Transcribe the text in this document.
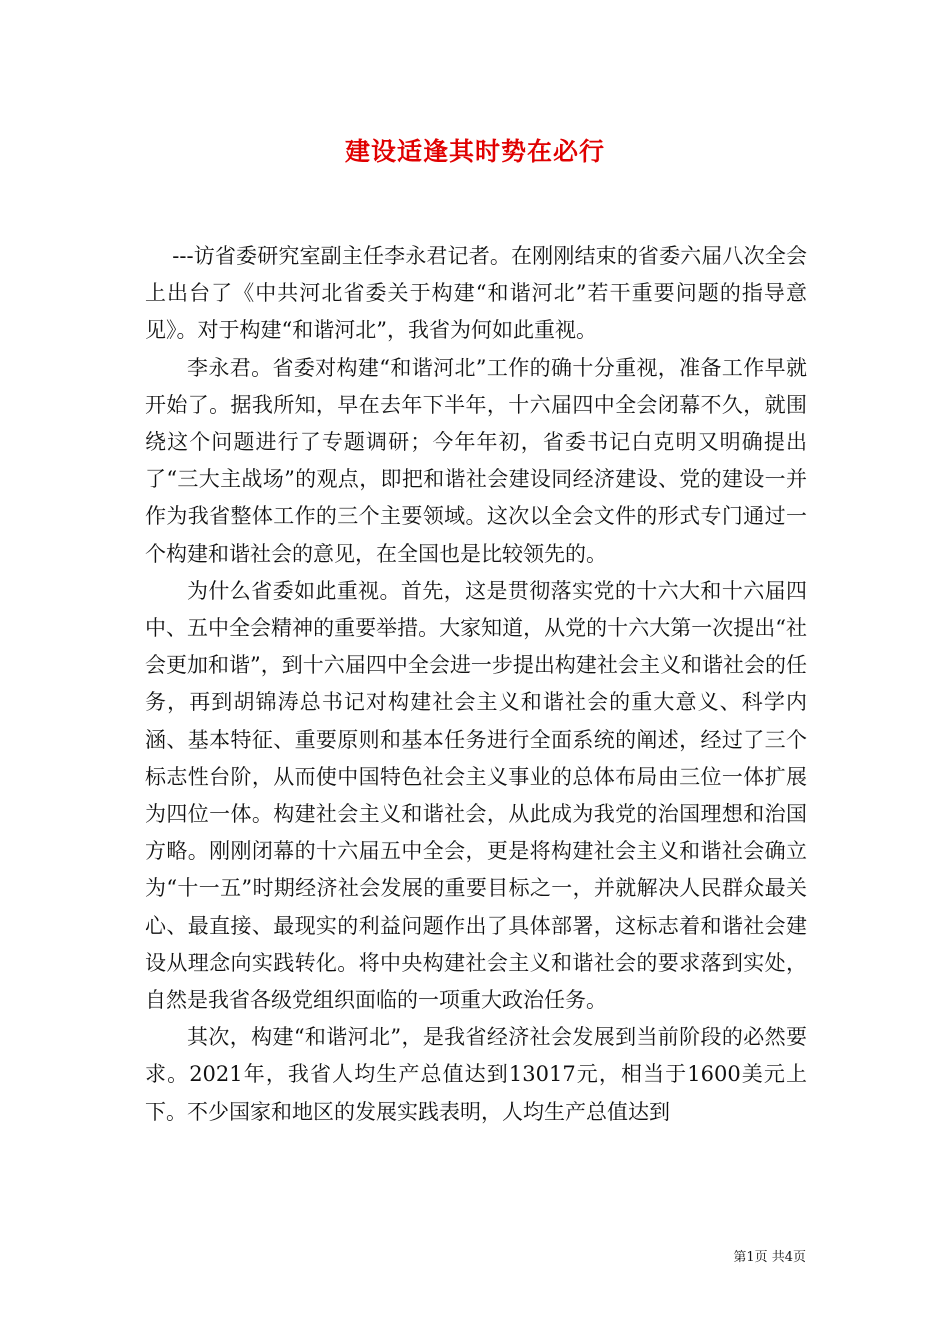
建设适逢其时势在必行

---访省委研究室副主任李永君记者。在刚刚结束的省委六届八次全会上出台了《中共河北省委关于构建“和谐河北”若干重要问题的指导意见》。对于构建“和谐河北”，我省为何如此重视。

李永君。省委对构建“和谐河北”工作的确十分重视，准备工作早就开始了。据我所知，早在去年下半年，十六届四中全会闭幕不久，就围绕这个问题进行了专题调研；今年年初，省委书记白克明又明确提出了“三大主战场”的观点，即把和谐社会建设同经济建设、党的建设一并作为我省整体工作的三个主要领域。这次以全会文件的形式专门通过一个构建和谐社会的意见，在全国也是比较领先的。

为什么省委如此重视。首先，这是贯彻落实党的十六大和十六届四中、五中全会精神的重要举措。大家知道，从党的十六大第一次提出“社会更加和谐”，到十六届四中全会进一步提出构建社会主义和谐社会的任务，再到胡锦涛总书记对构建社会主义和谐社会的重大意义、科学内涵、基本特征、重要原则和基本任务进行全面系统的阐述，经过了三个标志性台阶，从而使中国特色社会主义事业的总体布局由三位一体扩展为四位一体。构建社会主义和谐社会，从此成为我党的治国理想和治国方略。刚刚闭幕的十六届五中全会，更是将构建社会主义和谐社会确立为“十一五”时期经济社会发展的重要目标之一，并就解决人民群众最关心、最直接、最现实的利益问题作出了具体部署，这标志着和谐社会建设从理念向实践转化。将中央构建社会主义和谐社会的要求落到实处，自然是我省各级党组织面临的一项重大政治任务。

其次，构建“和谐河北”，是我省经济社会发展到当前阶段的必然要求。2021年，我省人均生产总值达到13017元，相当于1600美元上下。不少国家和地区的发展实践表明，人均生产总值达到

第1页 共4页
